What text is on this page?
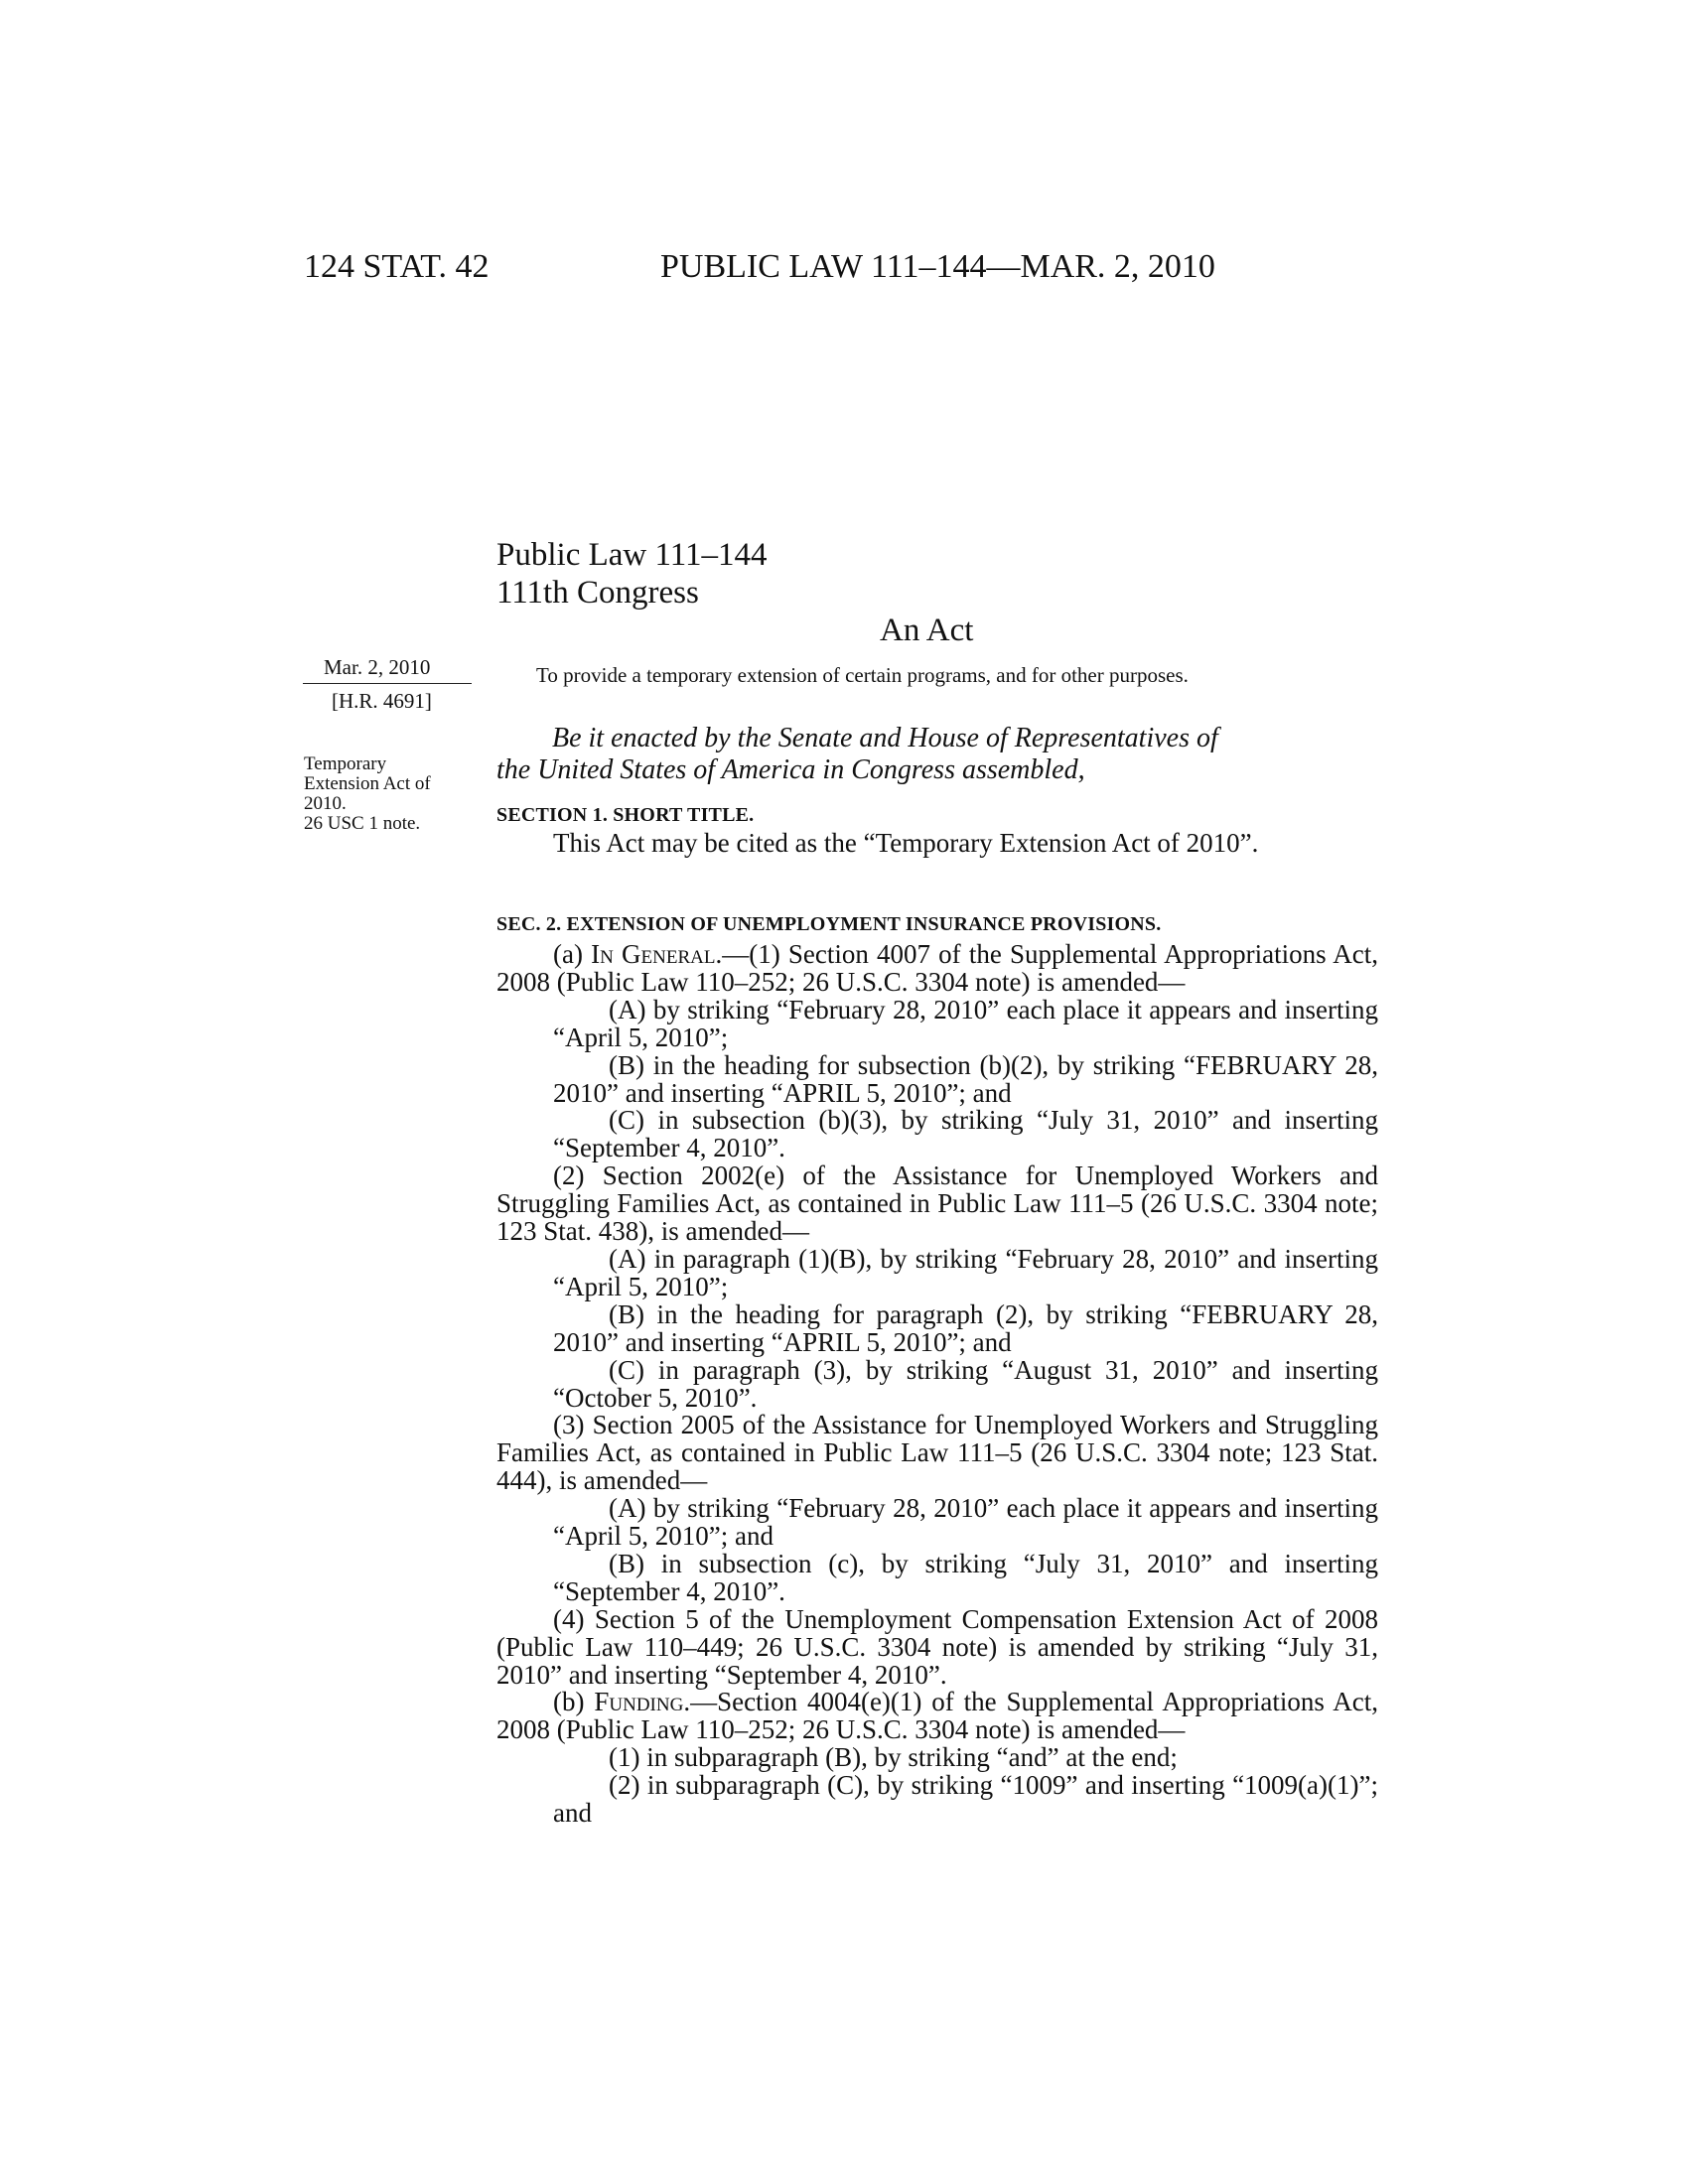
124 STAT. 42	PUBLIC LAW 111–144—MAR. 2, 2010
Public Law 111–144
111th Congress
An Act
To provide a temporary extension of certain programs, and for other purposes.
Mar. 2, 2010
[H.R. 4691]
Temporary
Extension Act of
2010.
26 USC 1 note.
Be it enacted by the Senate and House of Representatives of
the United States of America in Congress assembled,
SECTION 1. SHORT TITLE.

This Act may be cited as the “Temporary Extension Act of 2010”.

SEC. 2. EXTENSION OF UNEMPLOYMENT INSURANCE PROVISIONS.

(a) In General.—(1) Section 4007 of the Supplemental Appropriations Act, 2008 (Public Law 110–252; 26 U.S.C. 3304 note) is amended—

(A) by striking “February 28, 2010” each place it appears and inserting “April 5, 2010”;

(B) in the heading for subsection (b)(2), by striking “FEBRUARY 28, 2010” and inserting “APRIL 5, 2010”; and

(C) in subsection (b)(3), by striking “July 31, 2010” and inserting “September 4, 2010”.

(2) Section 2002(e) of the Assistance for Unemployed Workers and Struggling Families Act, as contained in Public Law 111–5 (26 U.S.C. 3304 note; 123 Stat. 438), is amended—

(A) in paragraph (1)(B), by striking “February 28, 2010” and inserting “April 5, 2010”;

(B) in the heading for paragraph (2), by striking “FEBRUARY 28, 2010” and inserting “APRIL 5, 2010”; and

(C) in paragraph (3), by striking “August 31, 2010” and inserting “October 5, 2010”.

(3) Section 2005 of the Assistance for Unemployed Workers and Struggling Families Act, as contained in Public Law 111–5 (26 U.S.C. 3304 note; 123 Stat. 444), is amended—

(A) by striking “February 28, 2010” each place it appears and inserting “April 5, 2010”; and

(B) in subsection (c), by striking “July 31, 2010” and inserting “September 4, 2010”.

(4) Section 5 of the Unemployment Compensation Extension Act of 2008 (Public Law 110–449; 26 U.S.C. 3304 note) is amended by striking “July 31, 2010” and inserting “September 4, 2010”.

(b) Funding.—Section 4004(e)(1) of the Supplemental Appropriations Act, 2008 (Public Law 110–252; 26 U.S.C. 3304 note) is amended—

(1) in subparagraph (B), by striking “and” at the end;

(2) in subparagraph (C), by striking “1009” and inserting “1009(a)(1)”; and
